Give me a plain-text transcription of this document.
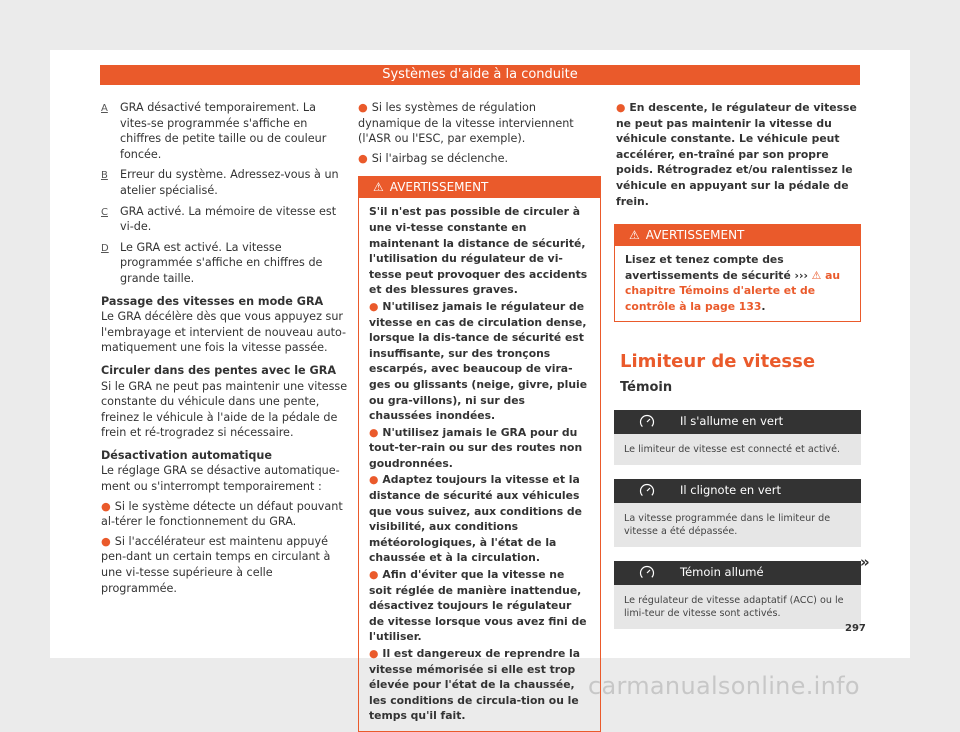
Systèmes d'aide à la conduite
A	GRA désactivé temporairement. La vites-se programmée s'affiche en chiffres de petite taille ou de couleur foncée.
B	Erreur du système. Adressez-vous à un atelier spécialisé.
C	GRA activé. La mémoire de vitesse est vi-de.
D	Le GRA est activé. La vitesse programmée s'affiche en chiffres de grande taille.
Passage des vitesses en mode GRA

Le GRA décélère dès que vous appuyez sur l'embrayage et intervient de nouveau auto-matiquement une fois la vitesse passée.

Circuler dans des pentes avec le GRA

Si le GRA ne peut pas maintenir une vitesse constante du véhicule dans une pente, freinez le véhicule à l'aide de la pédale de frein et ré-trogradez si nécessaire.

Désactivation automatique

Le réglage GRA se désactive automatique-ment ou s'interrompt temporairement :

● Si le système détecte un défaut pouvant al-térer le fonctionnement du GRA.
● Si l'accélérateur est maintenu appuyé pen-dant un certain temps en circulant à une vi-tesse supérieure à celle programmée.
● Si les systèmes de régulation dynamique de la vitesse interviennent (l'ASR ou l'ESC, par exemple).
● Si l'airbag se déclenche.
⚠ AVERTISSEMENT
S'il n'est pas possible de circuler à une vi-tesse constante en maintenant la distance de sécurité, l'utilisation du régulateur de vi-tesse peut provoquer des accidents et des blessures graves.
● N'utilisez jamais le régulateur de vitesse en cas de circulation dense, lorsque la dis-tance de sécurité est insuffisante, sur des tronçons escarpés, avec beaucoup de vira-ges ou glissants (neige, givre, pluie ou gra-villons), ni sur des chaussées inondées.
● N'utilisez jamais le GRA pour du tout-ter-rain ou sur des routes non goudronnées.
● Adaptez toujours la vitesse et la distance de sécurité aux véhicules que vous suivez, aux conditions de visibilité, aux conditions météorologiques, à l'état de la chaussée et à la circulation.
● Afin d'éviter que la vitesse ne soit réglée de manière inattendue, désactivez toujours le régulateur de vitesse lorsque vous avez fini de l'utiliser.
● Il est dangereux de reprendre la vitesse mémorisée si elle est trop élevée pour l'état de la chaussée, les conditions de circula-tion ou le temps qu'il fait.
● En descente, le régulateur de vitesse ne peut pas maintenir la vitesse du véhicule constante. Le véhicule peut accélérer, en-traîné par son propre poids. Rétrogradez et/ou ralentissez le véhicule en appuyant sur la pédale de frein.
⚠ AVERTISSEMENT
Lisez et tenez compte des avertissements de sécurité ››› ⚠ au chapitre Témoins d'alerte et de contrôle à la page 133.
Limiteur de vitesse
Témoin
Il s'allume en vert
Le limiteur de vitesse est connecté et activé.
Il clignote en vert
La vitesse programmée dans le limiteur de vitesse a été dépassée.
Témoin allumé
Le régulateur de vitesse adaptatif (ACC) ou le limi-teur de vitesse sont activés.
»
297
carmanualsonline.info
